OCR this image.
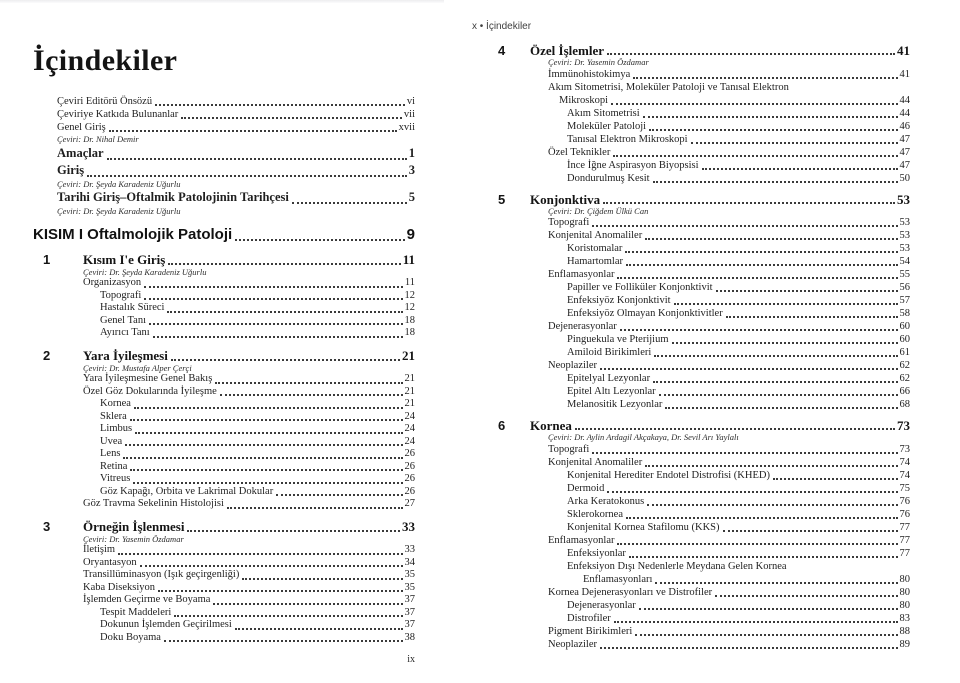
İçindekiler
Çeviri Editörü Önsözü	vi
Çeviriye Katkıda Bulunanlar	vii
Genel Giriş	xvii
Çeviri: Dr. Nihal Demir
Amaçlar	1
Giriş	3
Çeviri: Dr. Şeyda Karadeniz Uğurlu
Tarihi Giriş–Oftalmik Patolojinin Tarihçesi	5
Çeviri: Dr. Şeyda Karadeniz Uğurlu
KISIM I Oftalmolojik Patoloji	9
1	Kısım I'e Giriş	11
Çeviri: Dr. Şeyda Karadeniz Uğurlu
Organizasyon	11
Topografi	12
Hastalık Süreci	12
Genel Tanı	18
Ayırıcı Tanı	18
2	Yara İyileşmesi	21
Çeviri: Dr. Mustafa Alper Çerçi
Yara İyileşmesine Genel Bakış	21
Özel Göz Dokularında İyileşme	21
Kornea	21
Sklera	24
Limbus	24
Uvea	24
Lens	26
Retina	26
Vitreus	26
Göz Kapağı, Orbita ve Lakrimal Dokular	26
Göz Travma Sekelinin Histolojisi	27
3	Örneğin İşlenmesi	33
Çeviri: Dr. Yasemin Özdamar
İletişim	33
Oryantasyon	34
Transillüminasyon (Işık geçirgenliği)	35
Kaba Diseksiyon	35
İşlemden Geçirme ve Boyama	37
Tespit Maddeleri	37
Dokunun İşlemden Geçirilmesi	37
Doku Boyama	38
ix
x • İçindekiler
4	Özel İşlemler	41
Çeviri: Dr. Yasemin Özdamar
İmmünohistokimya	41
Akım Sitometrisi, Moleküler Patoloji ve Tanısal Elektron
Mikroskopi	44
Akım Sitometrisi	44
Moleküler Patoloji	46
Tanısal Elektron Mikroskopi	47
Özel Teknikler	47
İnce İğne Aspirasyon Biyopsisi	47
Dondurulmuş Kesit	50
5	Konjonktiva	53
Çeviri: Dr. Çiğdem Ülkü Can
Topografi	53
Konjenital Anomaliler	53
Koristomalar	53
Hamartomlar	54
Enflamasyonlar	55
Papiller ve Folliküler Konjonktivit	56
Enfeksiyöz Konjonktivit	57
Enfeksiyöz Olmayan Konjonktivitler	58
Dejenerasyonlar	60
Pinguekula ve Pterijium	60
Amiloid Birikimleri	61
Neoplaziler	62
Epitelyal Lezyonlar	62
Epitel Altı Lezyonlar	66
Melanositik Lezyonlar	68
6	Kornea	73
Çeviri: Dr. Aylin Ardagil Akçakaya, Dr. Sevil Arı Yaylalı
Topografi	73
Konjenital Anomaliler	74
Konjenital Herediter Endotel Distrofisi (KHED)	74
Dermoid	75
Arka Keratokonus	76
Sklerokornea	76
Konjenital Kornea Stafilomu (KKS)	77
Enflamasyonlar	77
Enfeksiyonlar	77
Enfeksiyon Dışı Nedenlerle Meydana Gelen Kornea
Enflamasyonları	80
Kornea Dejenerasyonları ve Distrofiler	80
Dejenerasyonlar	80
Distrofiler	83
Pigment Birikimleri	88
Neoplaziler	89
